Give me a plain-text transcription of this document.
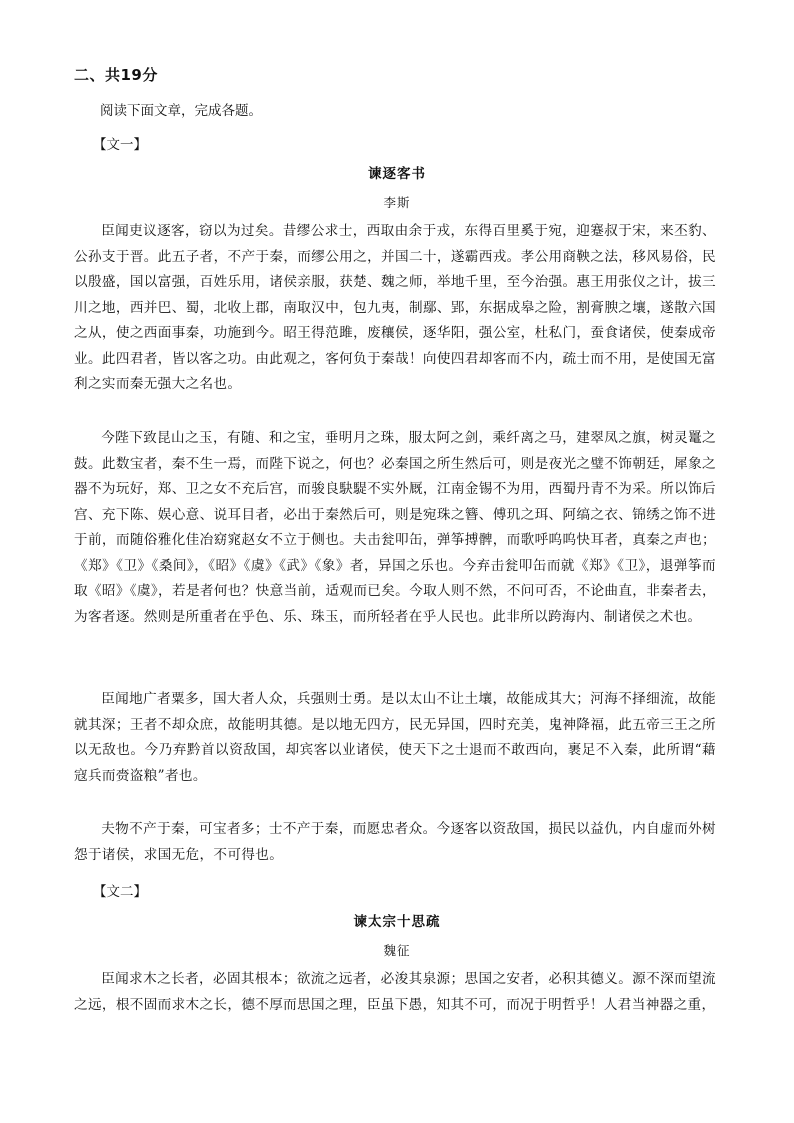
二、共19分
阅读下面文章，完成各题。
【文一】
谏逐客书
李斯

臣闻吏议逐客，窃以为过矣。昔缪公求士，西取由余于戎，东得百里奚于宛，迎蹇叔于宋，来丕豹、公孙支于晋。此五子者，不产于秦，而缪公用之，并国二十，遂霸西戎。孝公用商鞅之法，移风易俗，民以殷盛，国以富强，百姓乐用，诸侯亲服，获楚、魏之师，举地千里，至今治强。惠王用张仪之计，拔三川之地，西并巴、蜀，北收上郡，南取汉中，包九夷，制鄢、郢，东据成皋之险，割膏腴之壤，遂散六国之从，使之西面事秦，功施到今。昭王得范雎，废穰侯，逐华阳，强公室，杜私门，蚕食诸侯，使秦成帝业。此四君者，皆以客之功。由此观之，客何负于秦哉！向使四君却客而不内，疏士而不用，是使国无富利之实而秦无强大之名也。

今陛下致昆山之玉，有随、和之宝，垂明月之珠，服太阿之剑，乘纤离之马，建翠凤之旗，树灵鼍之鼓。此数宝者，秦不生一焉，而陛下说之，何也？必秦国之所生然后可，则是夜光之璧不饰朝廷，犀象之器不为玩好，郑、卫之女不充后宫，而骏良駃騠不实外厩，江南金锡不为用，西蜀丹青不为采。所以饰后宫、充下陈、娱心意、说耳目者，必出于秦然后可，则是宛珠之簪、傅玑之珥、阿缟之衣、锦绣之饰不进于前，而随俗雅化佳冶窈窕赵女不立于侧也。夫击瓮叩缶，弹筝搏髀，而歌呼呜呜快耳者，真秦之声也；《郑》《卫》《桑间》，《昭》《虞》《武》《象》者，异国之乐也。今弃击瓮叩缶而就《郑》《卫》，退弹筝而取《昭》《虞》，若是者何也？快意当前，适观而已矣。今取人则不然，不问可否，不论曲直，非秦者去，为客者逐。然则是所重者在乎色、乐、珠玉，而所轻者在乎人民也。此非所以跨海内、制诸侯之术也。

臣闻地广者粟多，国大者人众，兵强则士勇。是以太山不让土壤，故能成其大；河海不择细流，故能就其深；王者不却众庶，故能明其德。是以地无四方，民无异国，四时充美，鬼神降福，此五帝三王之所以无敌也。今乃弃黔首以资敌国，却宾客以业诸侯，使天下之士退而不敢西向，裹足不入秦，此所谓“藉寇兵而赍盗粮”者也。

夫物不产于秦，可宝者多；士不产于秦，而愿忠者众。今逐客以资敌国，损民以益仇，内自虚而外树怨于诸侯，求国无危，不可得也。

【文二】
谏太宗十思疏
魏征

臣闻求木之长者，必固其根本；欲流之远者，必浚其泉源；思国之安者，必积其德义。源不深而望流之远，根不固而求木之长，德不厚而思国之理，臣虽下愚，知其不可，而况于明哲乎！人君当神器之重，
